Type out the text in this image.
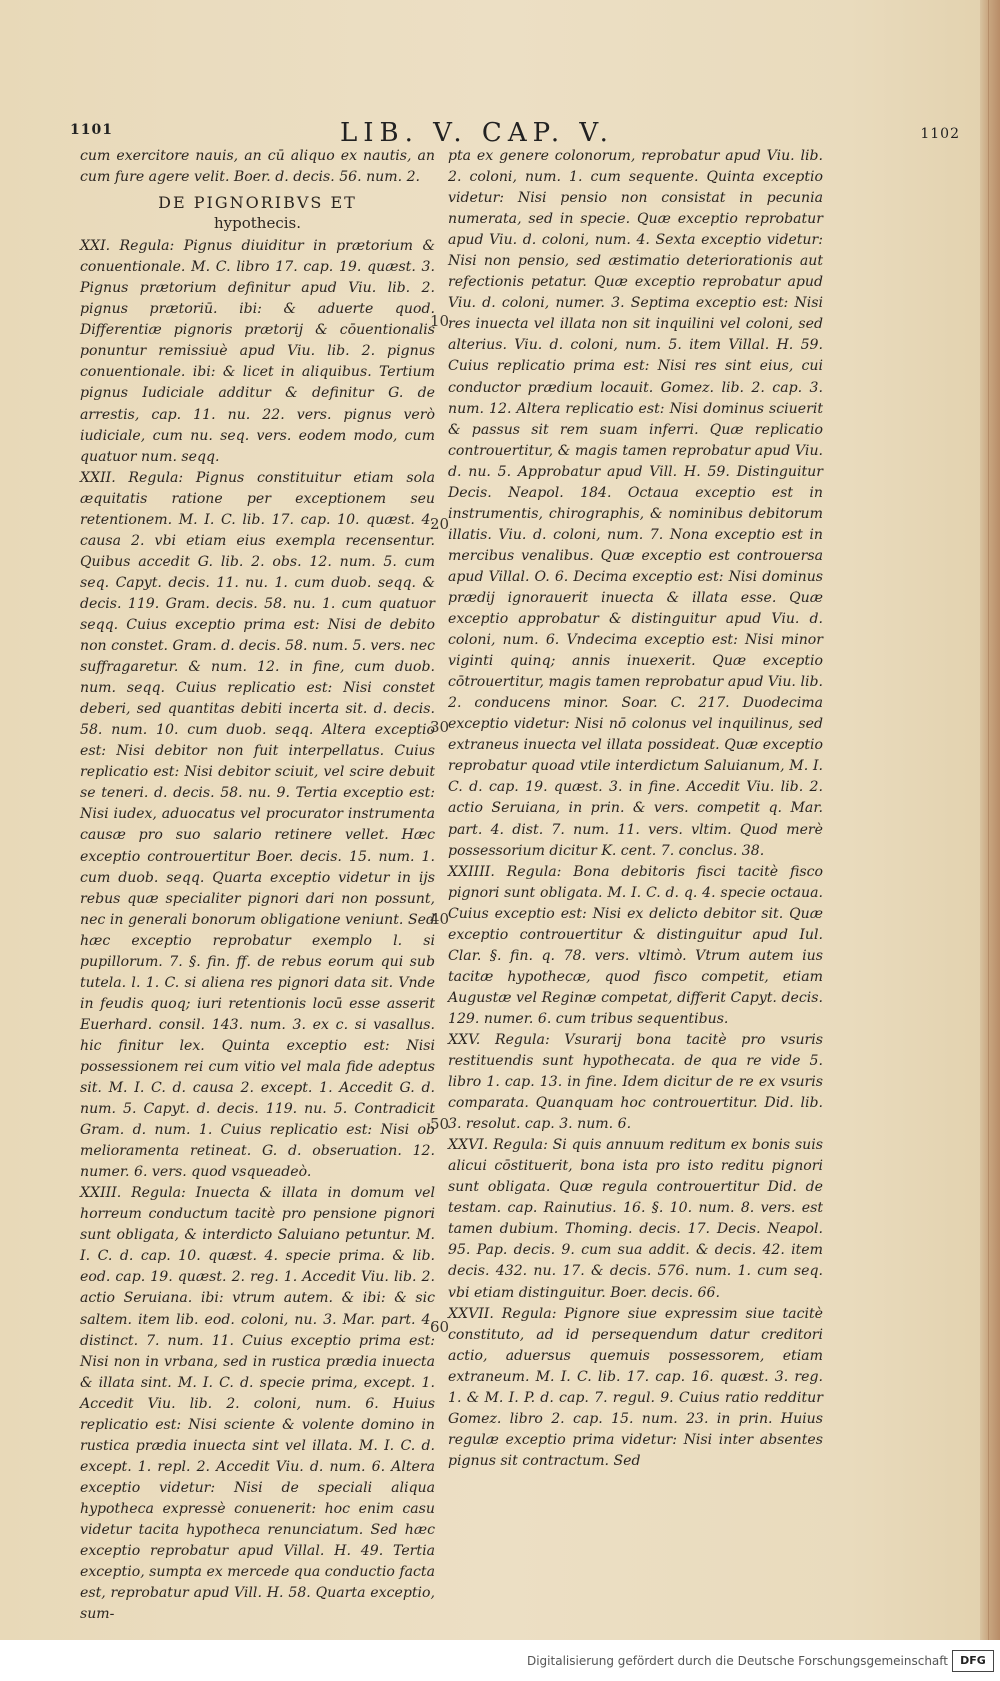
1101	LIB. V. CAP. V.	1102

cum exercitore nauis, an cū aliquo ex nautis, an cum fure agere velit. Boer. d. decis. 56. num. 2.

DE PIGNORIBVS ET

hypothecis.

XXI. Regula: Pignus diuiditur in prætorium & conuentionale. M. C. libro 17. cap. 19. quæst. 3. Pignus prætorium definitur apud Viu. lib. 2. pignus prætoriū. ibi: & aduerte quod. Differentiæ pignoris prætorij & cōuentionalis ponuntur remissiuè apud Viu. lib. 2. pignus conuentionale. ibi: & licet in aliquibus. Tertium pignus Iudiciale additur & definitur G. de arrestis, cap. 11. nu. 22. vers. pignus verò iudiciale, cum nu. seq. vers. eodem modo, cum quatuor num. seqq.

XXII. Regula: Pignus constituitur etiam sola æquitatis ratione per exceptionem seu retentionem. M. I. C. lib. 17. cap. 10. quæst. 4. causa 2. vbi etiam eius exempla recensentur. Quibus accedit G. lib. 2. obs. 12. num. 5. cum seq. Capyt. decis. 11. nu. 1. cum duob. seqq. & decis. 119. Gram. decis. 58. nu. 1. cum quatuor seqq. Cuius exceptio prima est: Nisi de debito non constet. Gram. d. decis. 58. num. 5. vers. nec suffragaretur. & num. 12. in fine, cum duob. num. seqq. Cuius replicatio est: Nisi constet deberi, sed quantitas debiti incerta sit. d. decis. 58. num. 10. cum duob. seqq. Altera exceptio est: Nisi debitor non fuit interpellatus. Cuius replicatio est: Nisi debitor sciuit, vel scire debuit se teneri. d. decis. 58. nu. 9. Tertia exceptio est: Nisi iudex, aduocatus vel procurator instrumenta causæ pro suo salario retinere vellet. Hæc exceptio controuertitur Boer. decis. 15. num. 1. cum duob. seqq. Quarta exceptio videtur in ijs rebus quæ specialiter pignori dari non possunt, nec in generali bonorum obligatione veniunt. Sed hæc exceptio reprobatur exemplo l. si pupillorum. 7. §. fin. ff. de rebus eorum qui sub tutela. l. 1. C. si aliena res pignori data sit. Vnde in feudis quoq; iuri retentionis locū esse asserit Euerhard. consil. 143. num. 3. ex c. si vasallus. hic finitur lex. Quinta exceptio est: Nisi possessionem rei cum vitio vel mala fide adeptus sit. M. I. C. d. causa 2. except. 1. Accedit G. d. num. 5. Capyt. d. decis. 119. nu. 5. Contradicit Gram. d. num. 1. Cuius replicatio est: Nisi ob melioramenta retineat. G. d. obseruation. 12. numer. 6. vers. quod vsqueadeò.

XXIII. Regula: Inuecta & illata in domum vel horreum conductum tacitè pro pensione pignori sunt obligata, & interdicto Saluiano petuntur. M. I. C. d. cap. 10. quæst. 4. specie prima. & lib. eod. cap. 19. quæst. 2. reg. 1. Accedit Viu. lib. 2. actio Seruiana. ibi: vtrum autem. & ibi: & sic saltem. item lib. eod. coloni, nu. 3. Mar. part. 4. distinct. 7. num. 11. Cuius exceptio prima est: Nisi non in vrbana, sed in rustica prædia inuecta & illata sint. M. I. C. d. specie prima, except. 1. Accedit Viu. lib. 2. coloni, num. 6. Huius replicatio est: Nisi sciente & volente domino in rustica prædia inuecta sint vel illata. M. I. C. d. except. 1. repl. 2. Accedit Viu. d. num. 6. Altera exceptio videtur: Nisi de speciali aliqua hypotheca expressè conuenerit: hoc enim casu videtur tacita hypotheca renunciatum. Sed hæc exceptio reprobatur apud Villal. H. 49. Tertia exceptio, sumpta ex mercede qua conductio facta est, reprobatur apud Vill. H. 58. Quarta exceptio, sum-

10
20
30
40
50
60

pta ex genere colonorum, reprobatur apud Viu. lib. 2. coloni, num. 1. cum sequente. Quinta exceptio videtur: Nisi pensio non consistat in pecunia numerata, sed in specie. Quæ exceptio reprobatur apud Viu. d. coloni, num. 4. Sexta exceptio videtur: Nisi non pensio, sed æstimatio deteriorationis aut refectionis petatur. Quæ exceptio reprobatur apud Viu. d. coloni, numer. 3. Septima exceptio est: Nisi res inuecta vel illata non sit inquilini vel coloni, sed alterius. Viu. d. coloni, num. 5. item Villal. H. 59. Cuius replicatio prima est: Nisi res sint eius, cui conductor prædium locauit. Gomez. lib. 2. cap. 3. num. 12. Altera replicatio est: Nisi dominus sciuerit & passus sit rem suam inferri. Quæ replicatio controuertitur, & magis tamen reprobatur apud Viu. d. nu. 5. Approbatur apud Vill. H. 59. Distinguitur Decis. Neapol. 184. Octaua exceptio est in instrumentis, chirographis, & nominibus debitorum illatis. Viu. d. coloni, num. 7. Nona exceptio est in mercibus venalibus. Quæ exceptio est controuersa apud Villal. O. 6. Decima exceptio est: Nisi dominus prædij ignorauerit inuecta & illata esse. Quæ exceptio approbatur & distinguitur apud Viu. d. coloni, num. 6. Vndecima exceptio est: Nisi minor viginti quinq; annis inuexerit. Quæ exceptio cōtrouertitur, magis tamen reprobatur apud Viu. lib. 2. conducens minor. Soar. C. 217. Duodecima exceptio videtur: Nisi nō colonus vel inquilinus, sed extraneus inuecta vel illata possideat. Quæ exceptio reprobatur quoad vtile interdictum Saluianum, M. I. C. d. cap. 19. quæst. 3. in fine. Accedit Viu. lib. 2. actio Seruiana, in prin. & vers. competit q. Mar. part. 4. dist. 7. num. 11. vers. vltim. Quod merè possessorium dicitur K. cent. 7. conclus. 38.

XXIIII. Regula: Bona debitoris fisci tacitè fisco pignori sunt obligata. M. I. C. d. q. 4. specie octaua. Cuius exceptio est: Nisi ex delicto debitor sit. Quæ exceptio controuertitur & distinguitur apud Iul. Clar. §. fin. q. 78. vers. vltimò. Vtrum autem ius tacitæ hypothecæ, quod fisco competit, etiam Augustæ vel Reginæ competat, differit Capyt. decis. 129. numer. 6. cum tribus sequentibus.

XXV. Regula: Vsurarij bona tacitè pro vsuris restituendis sunt hypothecata. de qua re vide 5. libro 1. cap. 13. in fine. Idem dicitur de re ex vsuris comparata. Quanquam hoc controuertitur. Did. lib. 3. resolut. cap. 3. num. 6.

XXVI. Regula: Si quis annuum reditum ex bonis suis alicui cōstituerit, bona ista pro isto reditu pignori sunt obligata. Quæ regula controuertitur Did. de testam. cap. Rainutius. 16. §. 10. num. 8. vers. est tamen dubium. Thoming. decis. 17. Decis. Neapol. 95. Pap. decis. 9. cum sua addit. & decis. 42. item decis. 432. nu. 17. & decis. 576. num. 1. cum seq. vbi etiam distinguitur. Boer. decis. 66.

XXVII. Regula: Pignore siue expressim siue tacitè constituto, ad id persequendum datur creditori actio, aduersus quemuis possessorem, etiam extraneum. M. I. C. lib. 17. cap. 16. quæst. 3. reg. 1. & M. I. P. d. cap. 7. regul. 9. Cuius ratio redditur Gomez. libro 2. cap. 15. num. 23. in prin. Huius regulæ exceptio prima videtur: Nisi inter absentes pignus sit contractum. Sed

Digitalisierung gefördert durch die Deutsche Forschungsgemeinschaft	DFG
